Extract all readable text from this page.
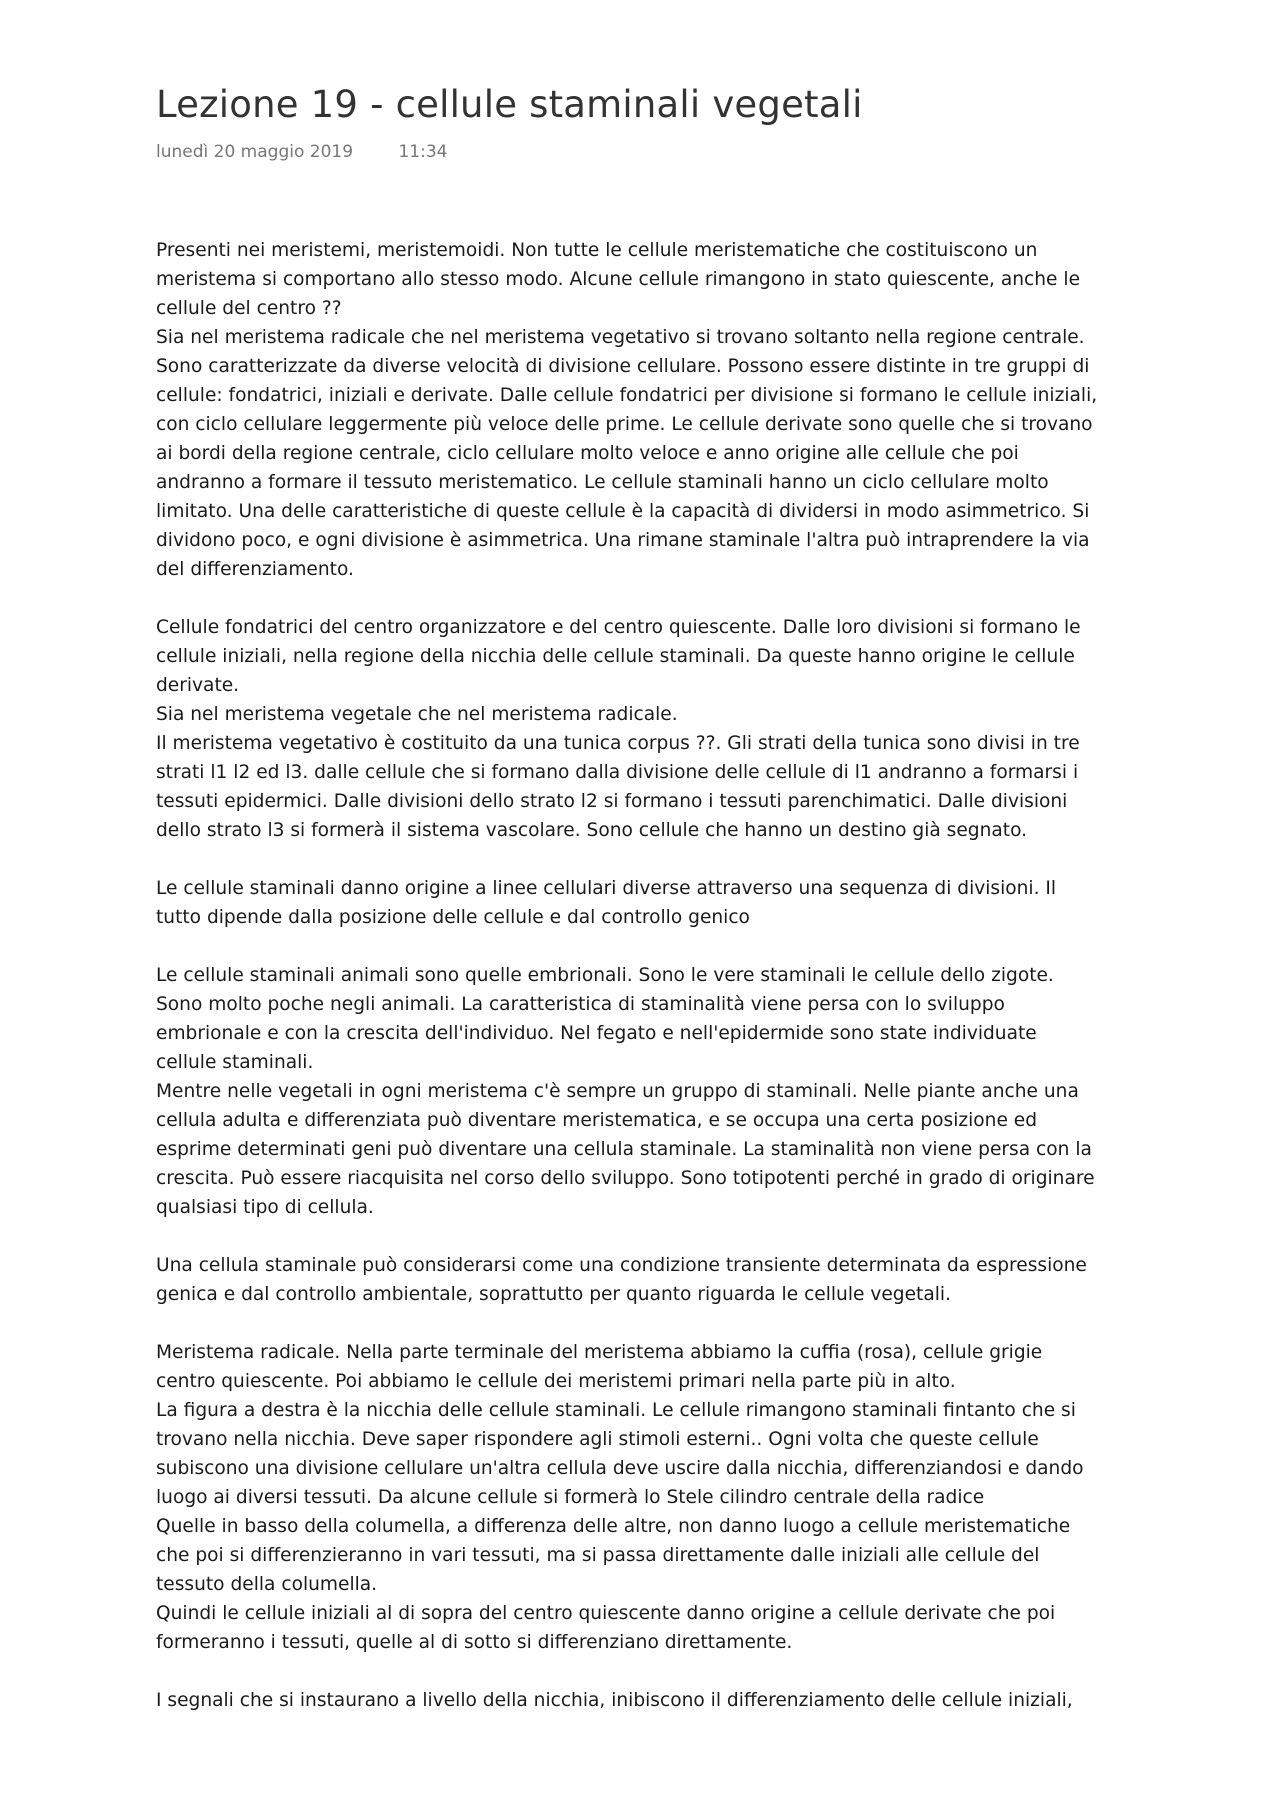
Lezione 19 - cellule staminali vegetali
lunedì 20 maggio 2019	11:34
Presenti nei meristemi, meristemoidi. Non tutte le cellule meristematiche che costituiscono un
meristema si comportano allo stesso modo. Alcune cellule rimangono in stato quiescente, anche le
cellule del centro ??
Sia nel meristema radicale che nel meristema vegetativo si trovano soltanto nella regione centrale.
Sono caratterizzate da diverse velocità di divisione cellulare. Possono essere distinte in tre gruppi di
cellule: fondatrici, iniziali e derivate. Dalle cellule fondatrici per divisione si formano le cellule iniziali,
con ciclo cellulare leggermente più veloce delle prime. Le cellule derivate sono quelle che si trovano
ai bordi della regione centrale, ciclo cellulare molto veloce e anno origine alle cellule che poi
andranno a formare il tessuto meristematico. Le cellule staminali hanno un ciclo cellulare molto
limitato. Una delle caratteristiche di queste cellule è la capacità di dividersi in modo asimmetrico. Si
dividono poco, e ogni divisione è asimmetrica. Una rimane staminale l'altra può intraprendere la via
del differenziamento.
Cellule fondatrici del centro organizzatore e del centro quiescente. Dalle loro divisioni si formano le
cellule iniziali, nella regione della nicchia delle cellule staminali. Da queste hanno origine le cellule
derivate.
Sia nel meristema vegetale che nel meristema radicale.
Il meristema vegetativo è costituito da una tunica corpus ??. Gli strati della tunica sono divisi in tre
strati l1 l2 ed l3. dalle cellule che si formano dalla divisione delle cellule di l1 andranno a formarsi i
tessuti epidermici. Dalle divisioni dello strato l2 si formano i tessuti parenchimatici. Dalle divisioni
dello strato l3 si formerà il sistema vascolare. Sono cellule che hanno un destino già segnato.
Le cellule staminali danno origine a linee cellulari diverse attraverso una sequenza di divisioni. Il
tutto dipende dalla posizione delle cellule e dal controllo genico
Le cellule staminali animali sono quelle embrionali. Sono le vere staminali le cellule dello zigote.
Sono molto poche negli animali. La caratteristica di staminalità viene persa con lo sviluppo
embrionale e con la crescita dell'individuo. Nel fegato e nell'epidermide sono state individuate
cellule staminali.
Mentre nelle vegetali in ogni meristema c'è sempre un gruppo di staminali. Nelle piante anche una
cellula adulta e differenziata può diventare meristematica, e se occupa una certa posizione ed
esprime determinati geni può diventare una cellula staminale. La staminalità non viene persa con la
crescita. Può essere riacquisita nel corso dello sviluppo. Sono totipotenti perché in grado di originare
qualsiasi tipo di cellula.
Una cellula staminale può considerarsi come una condizione transiente determinata da espressione
genica e dal controllo ambientale, soprattutto per quanto riguarda le cellule vegetali.
Meristema radicale. Nella parte terminale del meristema abbiamo la cuffia (rosa), cellule grigie
centro quiescente. Poi abbiamo le cellule dei meristemi primari nella parte più in alto.
La figura a destra è la nicchia delle cellule staminali. Le cellule rimangono staminali fintanto che si
trovano nella nicchia. Deve saper rispondere agli stimoli esterni.. Ogni volta che queste cellule
subiscono una divisione cellulare un'altra cellula deve uscire dalla nicchia, differenziandosi e dando
luogo ai diversi tessuti. Da alcune cellule si formerà lo Stele cilindro centrale della radice
Quelle in basso della columella, a differenza delle altre, non danno luogo a cellule meristematiche
che poi si differenzieranno in vari tessuti, ma si passa direttamente dalle iniziali alle cellule del
tessuto della columella.
Quindi le cellule iniziali al di sopra del centro quiescente danno origine a cellule derivate che poi
formeranno i tessuti, quelle al di sotto si differenziano direttamente.
I segnali che si instaurano a livello della nicchia, inibiscono il differenziamento delle cellule iniziali,
